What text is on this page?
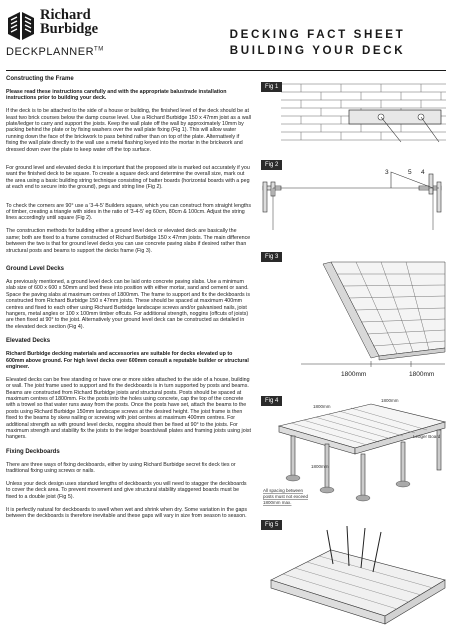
Richard
Burbidge
DECKPLANNER™
DECKING FACT SHEET
BUILDING YOUR DECK
Constructing the Frame

Please read these instructions carefully and with the appropriate balustrade installation instructions prior to building your deck.

If the deck is to be attached to the side of a house or building, the finished level of the deck should be at least two brick courses below the damp course level. Use a Richard Burbidge 150 x 47mm joist as a wall plate/ledger to carry and support the joists. Keep the wall plate off the wall by approximately 10mm by packing behind the plate or by fixing washers over the wall plate fixing (Fig 1). This will allow water running down the face of the brickwork to pass behind rather than on top of the plate. Alternatively if fixing the wall plate directly to the wall use a metal flashing keyed into the mortar in the brickwork and dressed down over the plate to keep water off the top surface.

For ground level and elevated decks it is important that the proposed site is marked out accurately if you want the finished deck to be square. To create a square deck and determine the overall size, mark out the area using a basic building string technique consisting of batter boards (horizontal boards with a peg at each end to secure into the ground), pegs and string line (Fig 2).

To check the corners are 90° use a '3-4-5' Builders square, which you can construct from straight lengths of timber, creating a triangle with sides in the ratio of '3-4-5' eg 60cm, 80cm & 100cm. Adjust the string lines accordingly until square (Fig 2).

The construction methods for building either a ground level deck or elevated deck are basically the same; both are fixed to a frame constructed of Richard Burbidge 150 x 47mm joists. The main difference between the two is that for ground level decks you can use concrete paving slabs if desired rather than structural posts and beams to support the decks frame (Fig 3).

Ground Level Decks

As previously mentioned, a ground level deck can be laid onto concrete paving slabs. Use a minimum slab size of 600 x 600 x 50mm and bed these into position with either mortar, sand and cement or sand. Space the paving slabs at maximum centres of 1800mm. The frame to support and fix the deckboards is constructed from Richard Burbidge 150 x 47mm joists. These should be spaced at maximum 400mm centres and fixed to each other using Richard Burbidge landscape screws and/or galvanised nails, joist hangers, metal angles or 100 x 100mm timber offcuts. For additional strength, noggins (offcuts of joists) are then fixed at 90° to the joist. Alternatively your ground level deck can be constructed as detailed in the elevated deck section (Fig 4).

Elevated Decks

Richard Burbidge decking materials and accessories are suitable for decks elevated up to 600mm above ground. For high level decks over 600mm consult a reputable builder or structural engineer.

Elevated decks can be free standing or have one or more sides attached to the side of a house, building or wall. The joist frame used to support and fix the deckboards is in turn supported by posts and beams. Beams are constructed from Richard Burbidge joists and structural posts. Posts should be spaced at maximum centres of 1800mm. Fix the posts into the holes using concrete, cap the top of the concrete with a trowel so that water runs away from the posts. Once the posts have set, attach the beams to the posts using Richard Burbidge 150mm landscape screws at the desired height. The joist frame is then fixed to the beams by skew nailing or screwing with joist centres at maximum 400mm centres. For additional strength as with ground level decks, noggins should then be fixed at 90° to the joists. For maximum strength and stability fix the joists to the ledger boards/wall plates and framing joists using joist hangers.

Fixing Deckboards

There are three ways of fixing deckboards, either by using Richard Burbidge secret fix deck ties or traditional fixing using screws or nails.

Unless your deck design uses standard lengths of deckboards you will need to stagger the deckboards to cover the deck area. To prevent movement and give structural stability staggered boards must be fixed to a double joist (Fig 5).

It is perfectly natural for deckboards to swell when wet and shrink when dry. Some variation in the gaps between the deckboards is therefore inevitable and these gaps will vary in size from season to season.

Fig 1
3	5 4
Fig 2
1800mm	1800mm
Fig 3
Ledger Board
1800mm
1800mm
1800mm
All spacing between
posts must not exceed
1800mm max.
Fig 4
Fig 5
